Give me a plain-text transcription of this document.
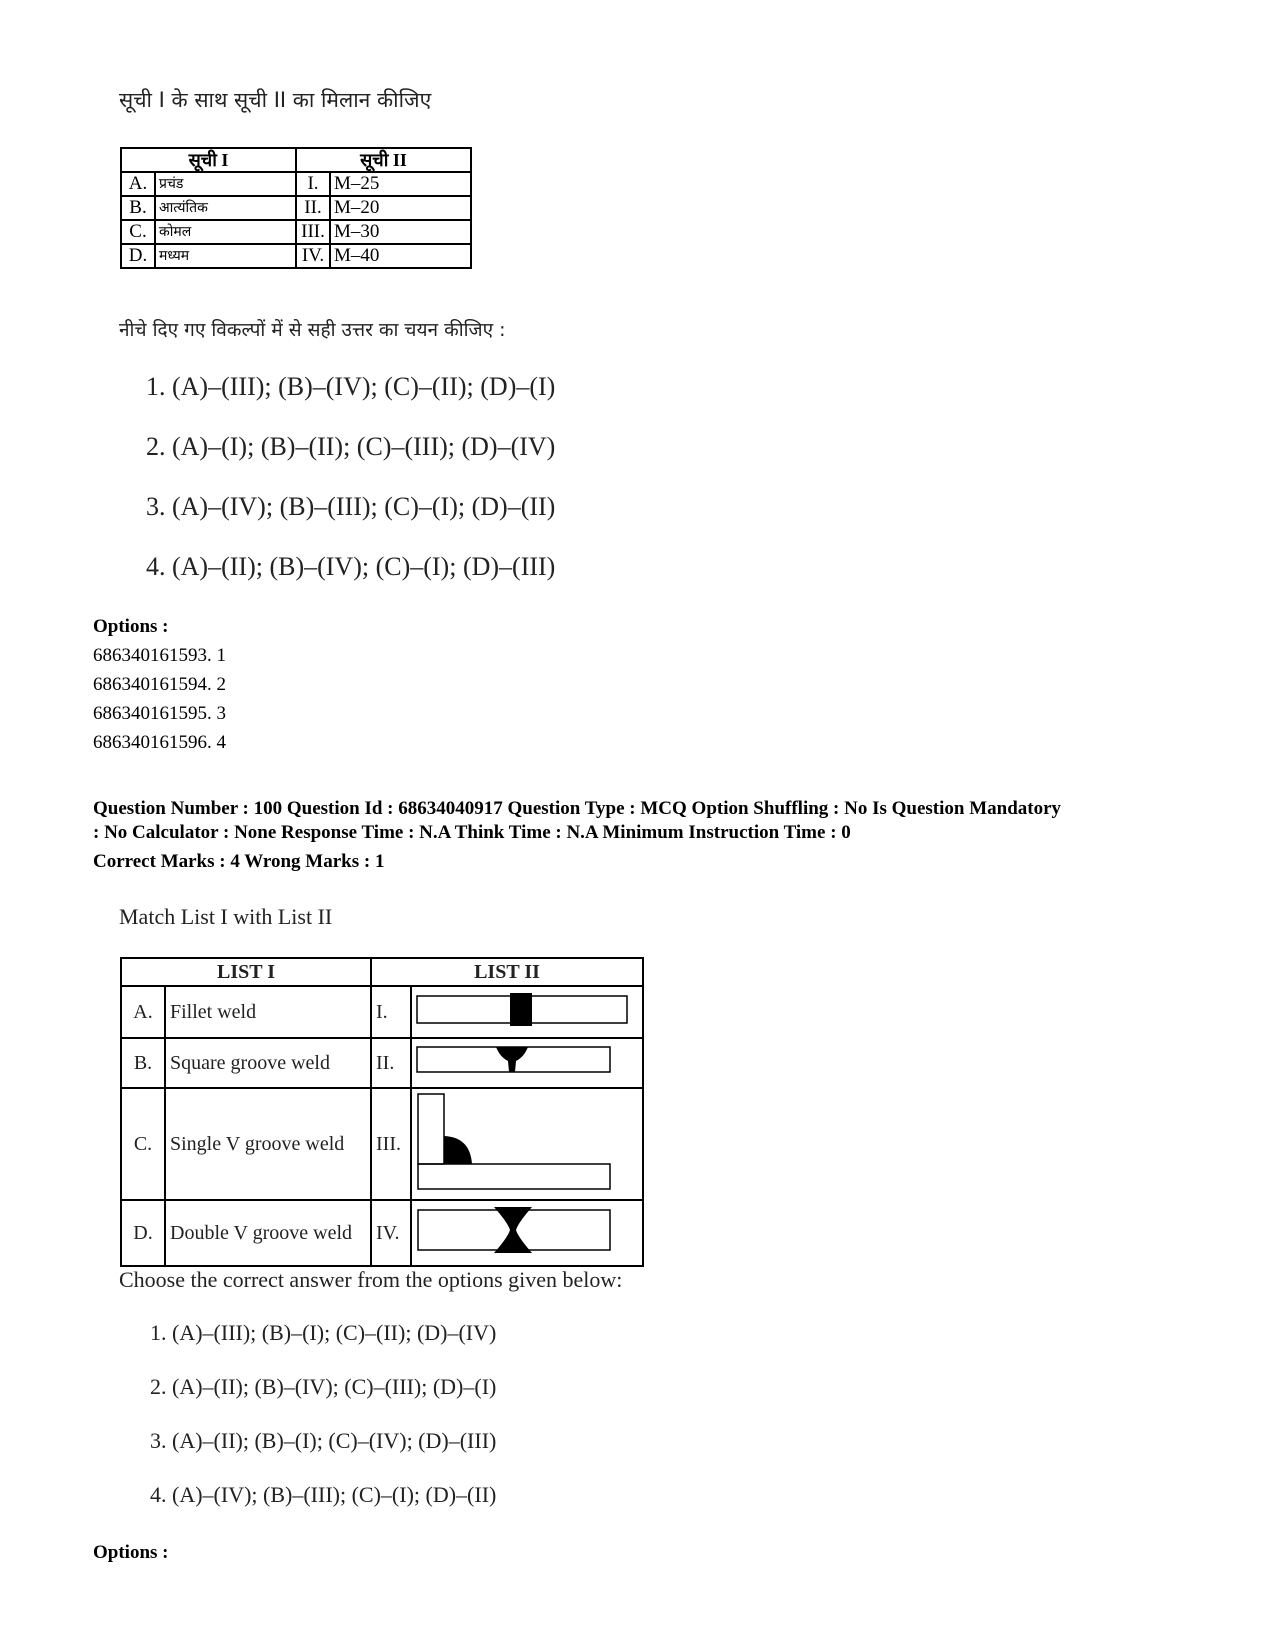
सूची I के साथ सूची II का मिलान कीजिए
सूची I		सूची II	
A.	प्रचंड	I.	M–25
B.	आत्यंतिक	II.	M–20
C.	कोमल	III.	M–30
D.	मध्यम	IV.	M–40
नीचे दिए गए विकल्पों में से सही उत्तर का चयन कीजिए :
1. (A)–(III); (B)–(IV); (C)–(II); (D)–(I)
2. (A)–(I); (B)–(II); (C)–(III); (D)–(IV)
3. (A)–(IV); (B)–(III); (C)–(I); (D)–(II)
4. (A)–(II); (B)–(IV); (C)–(I); (D)–(III)
Options :
686340161593. 1
686340161594. 2
686340161595. 3
686340161596. 4
Question Number : 100 Question Id : 68634040917 Question Type : MCQ Option Shuffling : No Is Question Mandatory
: No Calculator : None Response Time : N.A Think Time : N.A Minimum Instruction Time : 0
Correct Marks : 4 Wrong Marks : 1
Match List I with List II
LIST I		LIST II	
A.	Fillet weld	I.	
B.	Square groove weld	II.	
C.	Single V groove weld	III.	
D.	Double V groove weld	IV.	
Choose the correct answer from the options given below:
1. (A)–(III); (B)–(I); (C)–(II); (D)–(IV)
2. (A)–(II); (B)–(IV); (C)–(III); (D)–(I)
3. (A)–(II); (B)–(I); (C)–(IV); (D)–(III)
4. (A)–(IV); (B)–(III); (C)–(I); (D)–(II)
Options :
